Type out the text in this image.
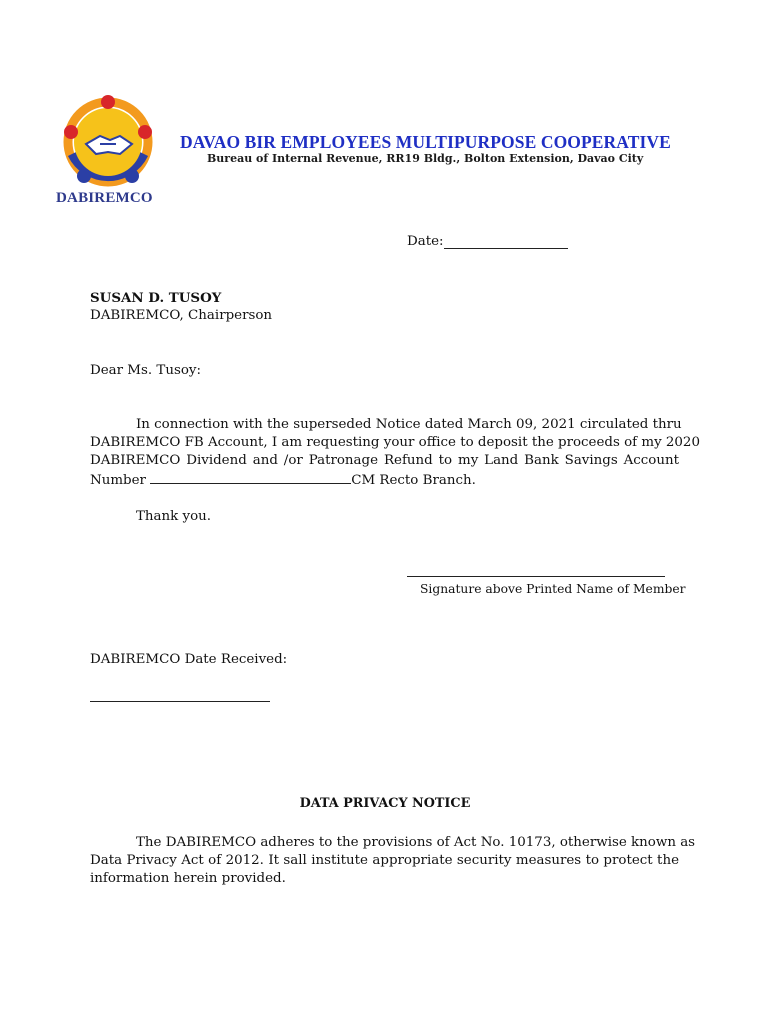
DABIREMCO
DAVAO BIR EMPLOYEES MULTIPURPOSE COOPERATIVE
Bureau of Internal Revenue, RR19 Bldg., Bolton Extension, Davao City
Date:
SUSAN D. TUSOY
DABIREMCO, Chairperson
Dear Ms. Tusoy:
In connection with the superseded Notice dated March 09, 2021 circulated thru
DABIREMCO FB Account, I am requesting your office to deposit the proceeds of my 2020
DABIREMCO Dividend and /or Patronage Refund to my Land Bank Savings Account
Number	CM Recto Branch.
Thank you.
Signature above Printed Name of Member
DABIREMCO Date Received:
DATA PRIVACY NOTICE
The DABIREMCO adheres to the provisions of Act No. 10173, otherwise known as
Data Privacy Act of 2012. It sall institute appropriate security measures to protect the
information herein provided.
